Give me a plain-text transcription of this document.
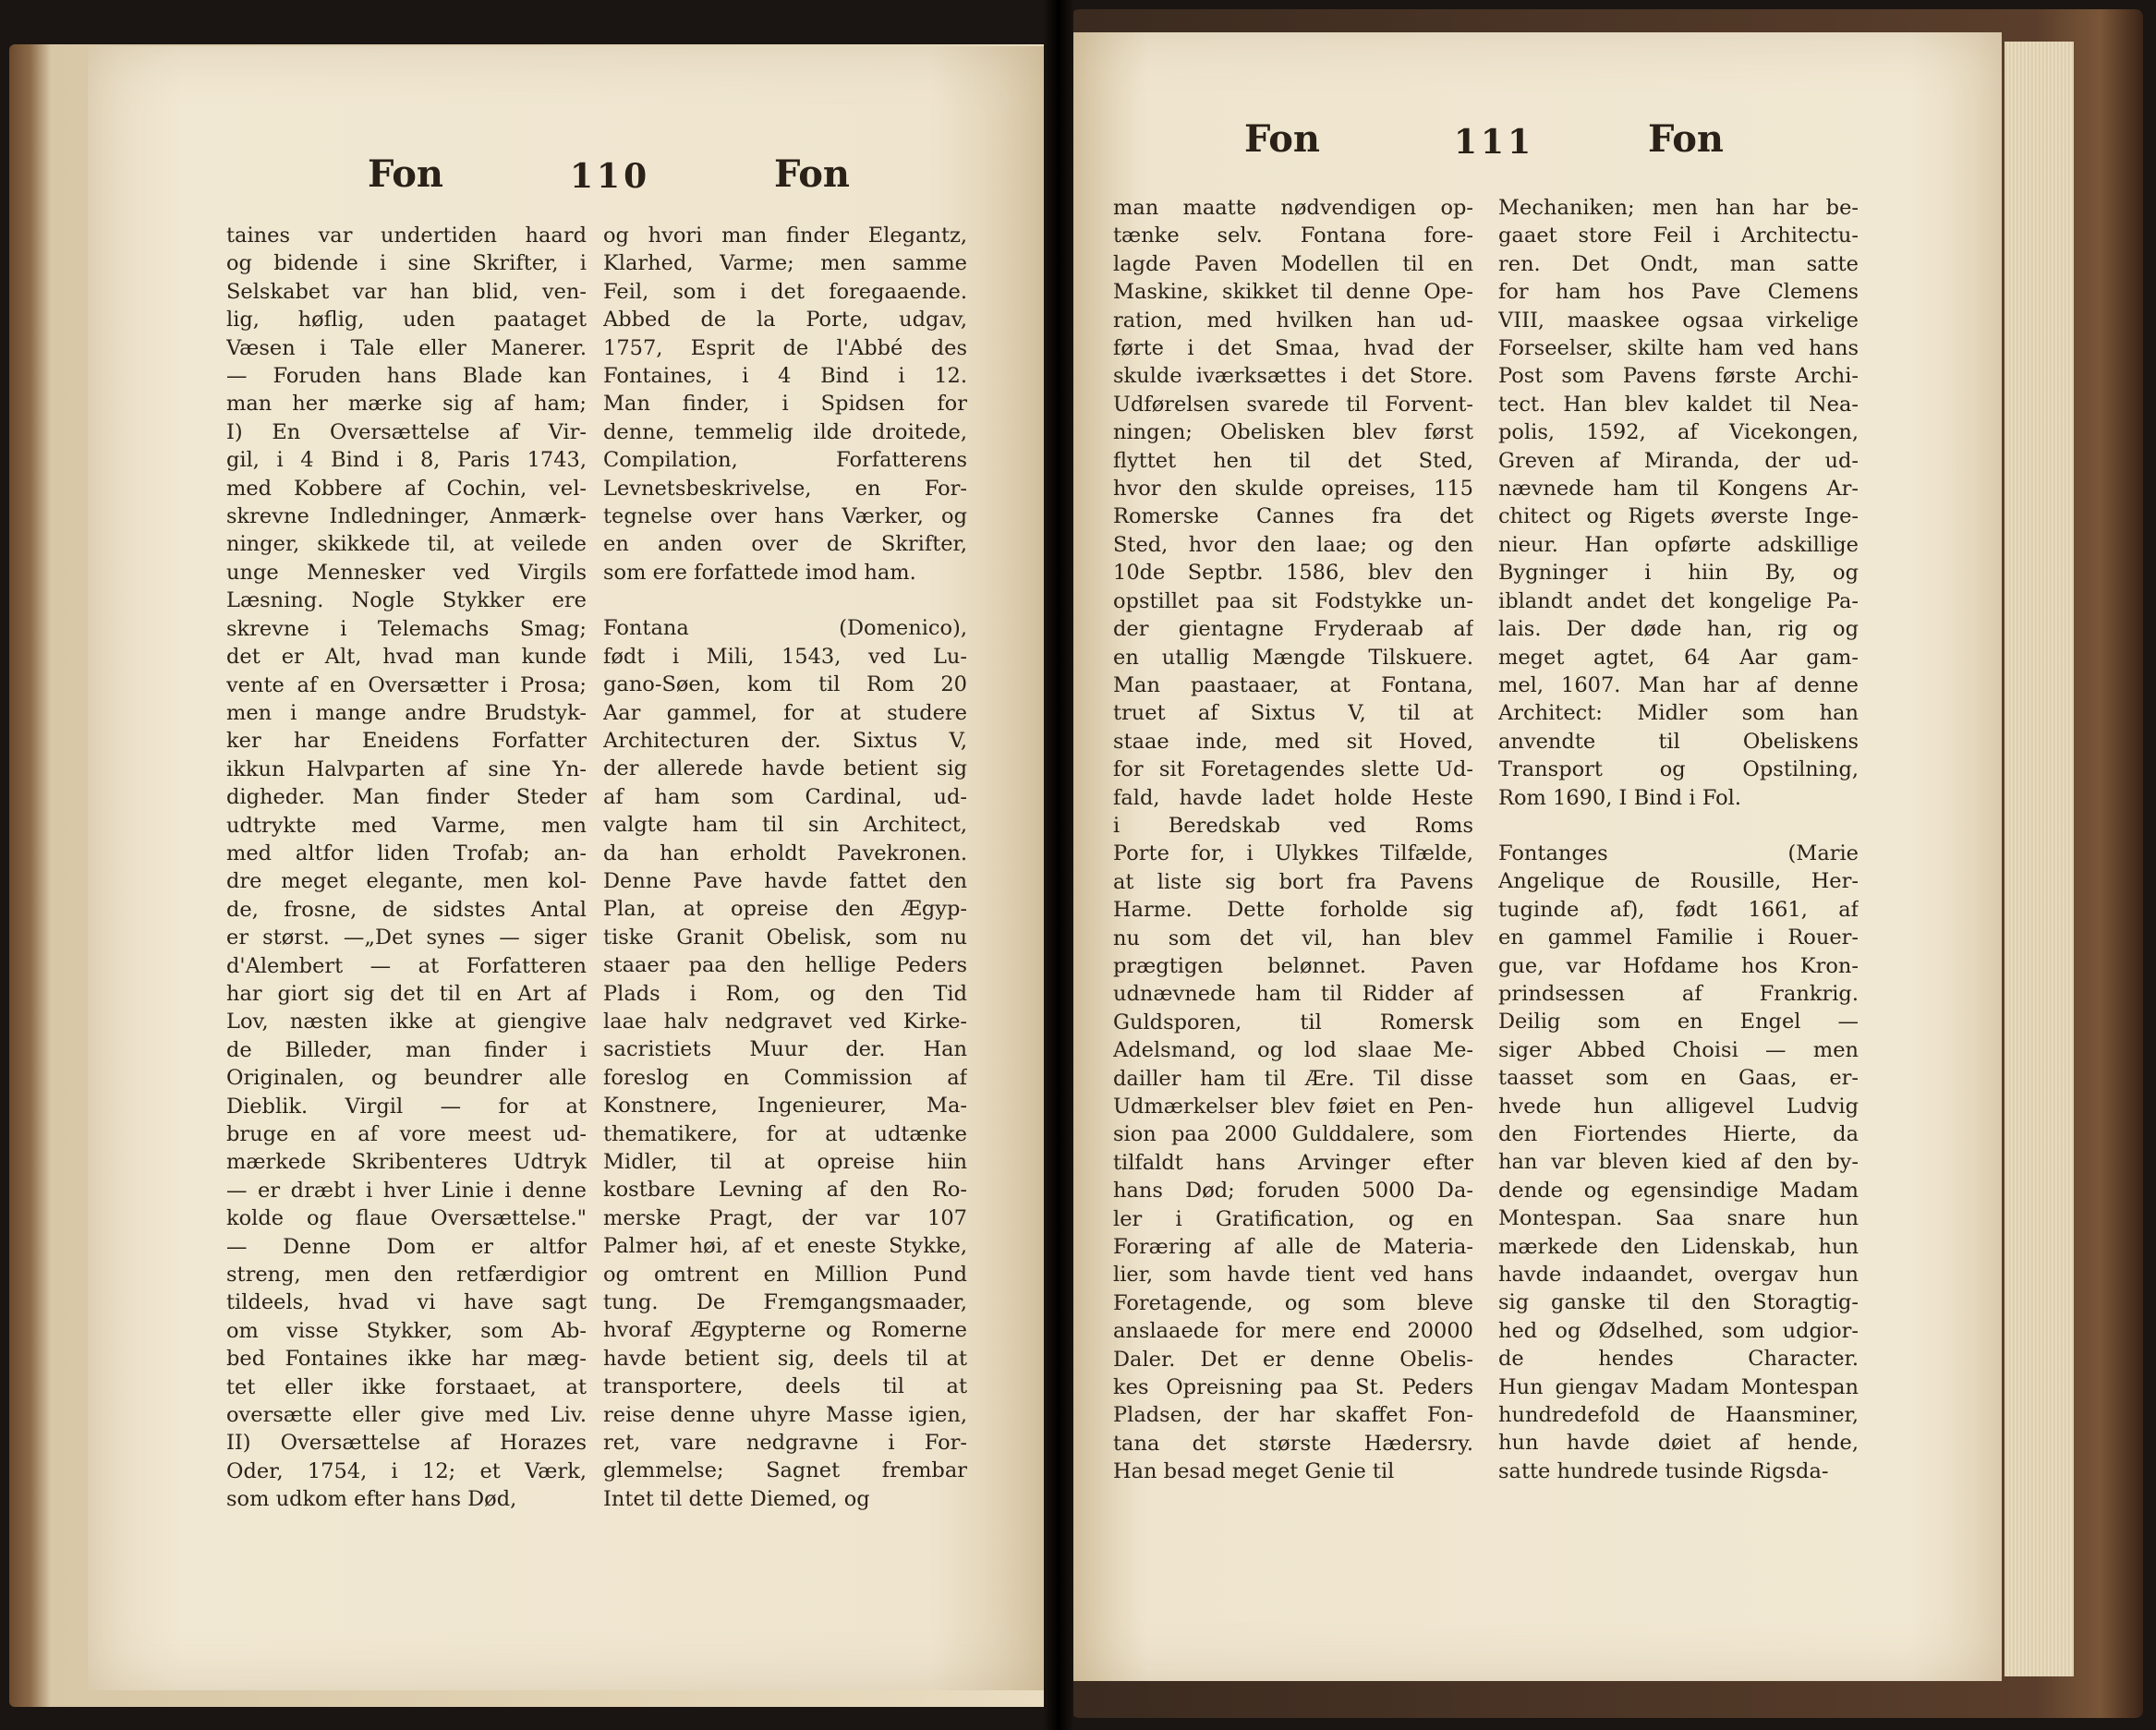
Fon	110	Fon
taines var undertiden haard
og bidende i sine Skrifter, i
Selskabet var han blid, ven-
lig, høflig, uden paataget
Væsen i Tale eller Manerer.
— Foruden hans Blade kan
man her mærke sig af ham;
I) En Oversættelse af Vir-
gil, i 4 Bind i 8, Paris 1743,
med Kobbere af Cochin, vel-
skrevne Indledninger, Anmærk-
ninger, skikkede til, at veilede
unge Mennesker ved Virgils
Læsning. Nogle Stykker ere
skrevne i Telemachs Smag;
det er Alt, hvad man kunde
vente af en Oversætter i Prosa;
men i mange andre Brudstyk-
ker har Eneidens Forfatter
ikkun Halvparten af sine Yn-
digheder. Man finder Steder
udtrykte med Varme, men
med altfor liden Trofab; an-
dre meget elegante, men kol-
de, frosne, de sidstes Antal
er størst. —„Det synes — siger
d'Alembert — at Forfatteren
har giort sig det til en Art af
Lov, næsten ikke at giengive
de Billeder, man finder i
Originalen, og beundrer alle
Dieblik. Virgil — for at
bruge en af vore meest ud-
mærkede Skribenteres Udtryk
— er dræbt i hver Linie i denne
kolde og flaue Oversættelse."
— Denne Dom er altfor
streng, men den retfærdigior
tildeels, hvad vi have sagt
om visse Stykker, som Ab-
bed Fontaines ikke har mæg-
tet eller ikke forstaaet, at
oversætte eller give med Liv.
II) Oversættelse af Horazes
Oder, 1754, i 12; et Værk,
som udkom efter hans Død,
og hvori man finder Elegantz,
Klarhed, Varme; men samme
Feil, som i det foregaaende.
Abbed de la Porte, udgav,
1757, Esprit de l'Abbé des
Fontaines, i 4 Bind i 12.
Man finder, i Spidsen for
denne, temmelig ilde droitede,
Compilation, Forfatterens
Levnetsbeskrivelse, en For-
tegnelse over hans Værker, og
en anden over de Skrifter,
som ere forfattede imod ham.
Fontana (Domenico),
født i Mili, 1543, ved Lu-
gano-Søen, kom til Rom 20
Aar gammel, for at studere
Architecturen der. Sixtus V,
der allerede havde betient sig
af ham som Cardinal, ud-
valgte ham til sin Architect,
da han erholdt Pavekronen.
Denne Pave havde fattet den
Plan, at opreise den Ægyp-
tiske Granit Obelisk, som nu
staaer paa den hellige Peders
Plads i Rom, og den Tid
laae halv nedgravet ved Kirke-
sacristiets Muur der. Han
foreslog en Commission af
Konstnere, Ingenieurer, Ma-
thematikere, for at udtænke
Midler, til at opreise hiin
kostbare Levning af den Ro-
merske Pragt, der var 107
Palmer høi, af et eneste Stykke,
og omtrent en Million Pund
tung. De Fremgangsmaader,
hvoraf Ægypterne og Romerne
havde betient sig, deels til at
transportere, deels til at
reise denne uhyre Masse igien,
ret, vare nedgravne i For-
glemmelse; Sagnet frembar
Intet til dette Diemed, og
Fon	111	Fon
man maatte nødvendigen op-
tænke selv. Fontana fore-
lagde Paven Modellen til en
Maskine, skikket til denne Ope-
ration, med hvilken han ud-
førte i det Smaa, hvad der
skulde iværksættes i det Store.
Udførelsen svarede til Forvent-
ningen; Obelisken blev først
flyttet hen til det Sted,
hvor den skulde opreises, 115
Romerske Cannes fra det
Sted, hvor den laae; og den
10de Septbr. 1586, blev den
opstillet paa sit Fodstykke un-
der gientagne Fryderaab af
en utallig Mængde Tilskuere.
Man paastaaer, at Fontana,
truet af Sixtus V, til at
staae inde, med sit Hoved,
for sit Foretagendes slette Ud-
fald, havde ladet holde Heste
i Beredskab ved Roms
Porte for, i Ulykkes Tilfælde,
at liste sig bort fra Pavens
Harme. Dette forholde sig
nu som det vil, han blev
prægtigen belønnet. Paven
udnævnede ham til Ridder af
Guldsporen, til Romersk
Adelsmand, og lod slaae Me-
dailler ham til Ære. Til disse
Udmærkelser blev føiet en Pen-
sion paa 2000 Gulddalere, som
tilfaldt hans Arvinger efter
hans Død; foruden 5000 Da-
ler i Gratification, og en
Foræring af alle de Materia-
lier, som havde tient ved hans
Foretagende, og som bleve
anslaaede for mere end 20000
Daler. Det er denne Obelis-
kes Opreisning paa St. Peders
Pladsen, der har skaffet Fon-
tana det største Hædersry.
Han besad meget Genie til
Mechaniken; men han har be-
gaaet store Feil i Architectu-
ren. Det Ondt, man satte
for ham hos Pave Clemens
VIII, maaskee ogsaa virkelige
Forseelser, skilte ham ved hans
Post som Pavens første Archi-
tect. Han blev kaldet til Nea-
polis, 1592, af Vicekongen,
Greven af Miranda, der ud-
nævnede ham til Kongens Ar-
chitect og Rigets øverste Inge-
nieur. Han opførte adskillige
Bygninger i hiin By, og
iblandt andet det kongelige Pa-
lais. Der døde han, rig og
meget agtet, 64 Aar gam-
mel, 1607. Man har af denne
Architect: Midler som han
anvendte til Obeliskens
Transport og Opstilning,
Rom 1690, I Bind i Fol.
Fontanges (Marie
Angelique de Rousille, Her-
tuginde af), født 1661, af
en gammel Familie i Rouer-
gue, var Hofdame hos Kron-
prindsessen af Frankrig.
Deilig som en Engel —
siger Abbed Choisi — men
taasset som en Gaas, er-
hvede hun alligevel Ludvig
den Fiortendes Hierte, da
han var bleven kied af den by-
dende og egensindige Madam
Montespan. Saa snare hun
mærkede den Lidenskab, hun
havde indaandet, overgav hun
sig ganske til den Storagtig-
hed og Ødselhed, som udgior-
de hendes Character.
Hun giengav Madam Montespan
hundredefold de Haansminer,
hun havde døiet af hende,
satte hundrede tusinde Rigsda-
